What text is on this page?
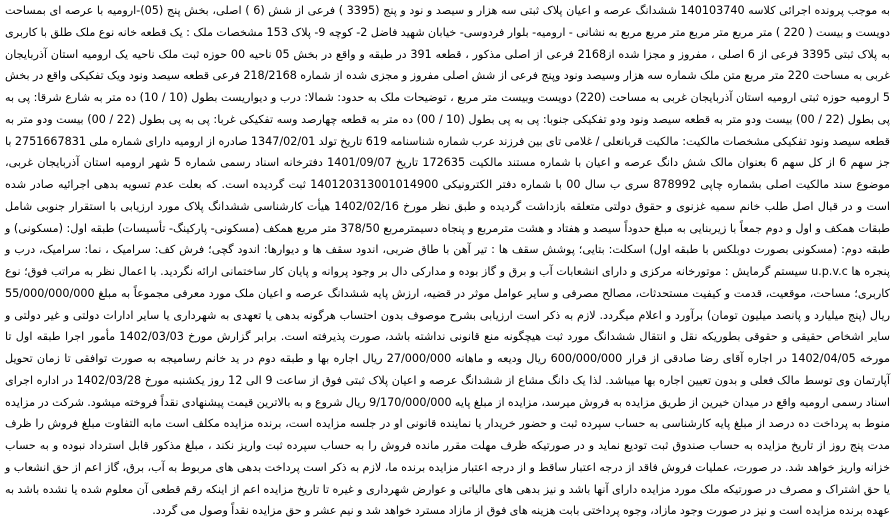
به موجب پرونده اجرائی کلاسه 140103740 ششدانگ عرصه و اعیان پلاک ثبتی سه هزار و سیصد و نود و پنج (3395 ) فرعی از شش (6 ) اصلی، بخش پنج (05)-ارومیه با عرصه ای بمساحت دویست و بیست ( 220 ) متر مربع متر مربع متر مربع مربع به نشانی - ارومیه- بلوار فردوسی- خیابان شهید فاضل 2- کوچه 9- پلاک 153 مشخصات ملک : یک قطعه خانه نوع ملک طلق با کاربری به پلاک ثبتی 3395 فرعی از 6 اصلی ، مفروز و مجزا شده از2168 فرعی از اصلی مذکور ، قطعه 391 در طبقه و واقع در بخش 05 ناحیه 00 حوزه ثبت ملک ناحیه یک ارومیه استان آذربایجان غربی به مساحت 220 متر مربع متن ملک شماره سه هزار وسیصد ونود وپنج فرعی از شش اصلی مفروز و مجزی شده از شماره 218/2168 فرعی قطعه سیصد ونود ویک تفکیکی واقع در بخش 5 ارومیه حوزه ثبتی ارومیه استان آذربایجان غربی به مساحت (220) دویست وبیست متر مربع ، توضیحات ملک به حدود: شمالا: درب و دیواریست بطول (10 / 10) ده متر به شارع شرقا: پی به پی بطول (22 / 00) بیست ودو متر به قطعه سیصد ونود ودو تفکیکی جنوبا: پی به پی بطول (10 / 00) ده متر به قطعه چهارصد وسه تفکیکی غربا: پی به پی بطول (22 / 00) بیست ودو متر به قطعه سیصد ونود تفکیکی مشخصات مالکیت: مالکیت قربانعلی / غلامی تای بین فرزند عرب شماره شناسنامه 619 تاریخ تولد 1347/02/01 صادره از ارومیه دارای شماره ملی 2751667831 با جز سهم 6 از کل سهم 6 بعنوان مالک شش دانگ عرصه و اعیان با شماره مستند مالکیت 172635 تاریخ 1401/09/07 دفترخانه اسناد رسمی شماره 5 شهر ارومیه استان آذربایجان غربی، موضوع سند مالکیت اصلی بشماره چاپی 878992 سری ب سال 00 با شماره دفتر الکترونیکی 140120313001014900 ثبت گردیده است. که بعلت عدم تسویه بدهی اجرائیه صادر شده است و در قبال اصل طلب خانم سمیه غزنوی و حقوق دولتی متعلقه بازداشت گردیده و طبق نظر مورخ 1402/02/16 هیأت کارشناسی ششدانگ پلاک مورد ارزیابی با استقرار جنوبی شامل طبقات همکف و اول و دوم جمعاً با زیربنایی به مبلغ حدوداً سیصد و هفتاد و هشت مترمربع و پنجاه دسیمترمربع 378/50 متر مربع همکف (مسکونی- پارکینگ- تأسیسات) طبقه اول: (مسکونی) و طبقه دوم: (مسکونی بصورت دوبلکس با طبقه اول) اسکلت: بتایی؛ پوشش سقف ها : تیر آهن با طاق ضربی، اندود سقف ها و دیوارها: اندود گچی؛ فرش کف: سرامیک ، نما: سرامیک، درب و پنجره ها u.p.v.c سیستم گرمایش : موتورخانه مرکزی و دارای انشعابات آب و برق و گاز بوده و مدارکی دال بر وجود پروانه و پایان کار ساختمانی ارائه نگردید. با اعمال نظر به مراتب فوق؛ نوع کاربری؛ مساحت، موقعیت، قدمت و کیفیت مستحدثات، مصالح مصرفی و سایر عوامل موثر در قضیه، ارزش پایه ششدانگ عرصه و اعیان ملک مورد معرفی مجموعاً به مبلغ 55/000/000/000 ریال (پنج میلیارد و پانصد میلیون تومان) برآورد و اعلام میگردد. لازم به ذکر است ارزیابی بشرح موصوف بدون احتساب هرگونه بدهی یا تعهدی به شهرداری یا سایر ادارات دولتی و غیر دولتی و سایر اشخاص حقیقی و حقوقی بطوریکه نقل و انتقال ششدانگ مورد ثبت هیچگونه منع قانونی نداشته باشد، صورت پذیرفته است. برابر گزارش مورخ 1402/03/03 مأمور اجرا طبقه اول تا مورخه 1402/04/05 در اجاره آقای رضا صادقی از قرار 600/000/000 ریال ودیعه و ماهانه 27/000/000 ریال اجاره بها و طبقه دوم در ید خانم رسامیجه به صورت توافقی تا زمان تحویل آپارتمان وی توسط مالک فعلی و بدون تعیین اجاره بها میباشد. لذا یک دانگ مشاع از ششدانگ عرصه و اعیان پلاک ثبتی فوق از ساعت 9 الی 12 روز یکشنبه مورخ 1402/03/28 در اداره اجرای اسناد رسمی ارومیه واقع در میدان خیرین از طریق مزایده به فروش میرسد، مزایده از مبلغ پایه 9/170/000/000 ریال شروع و به بالاترین قیمت پیشنهادی نقداً فروخته میشود. شرکت در مزایده منوط به پرداخت ده درصد از مبلغ پایه کارشناسی به حساب سپرده ثبت و حضور خریدار یا نماینده قانونی او در جلسه مزایده است، برنده مزایده مکلف است مابه التفاوت مبلغ فروش را ظرف مدت پنج روز از تاریخ مزایده به حساب صندوق ثبت تودیع نماید و در صورتیکه ظرف مهلت مقرر مانده فروش را به حساب سپرده ثبت واریز نکند ، مبلغ مذکور قابل استرداد نبوده و به حساب خزانه واریز خواهد شد. در صورت، عملیات فروش فاقد از درجه اعتبار ساقط و از درجه اعتبار مزایده برنده ما، لازم به ذکر است پرداخت بدهی های مربوط به آب، برق، گاز اعم از حق انشعاب و یا حق اشتراک و مصرف در صورتیکه ملک مورد مزایده دارای آنها باشد و نیز بدهی های مالیاتی و عوارض شهرداری و غیره تا تاریخ مزایده اعم از اینکه رقم قطعی آن معلوم شده یا نشده باشد به عهده برنده مزایده است و نیز در صورت وجود مازاد، وجوه پرداختی بابت هزینه های فوق از مازاد مسترد خواهد شد و نیم عشر و حق مزایده نقداً وصول می گردد.
